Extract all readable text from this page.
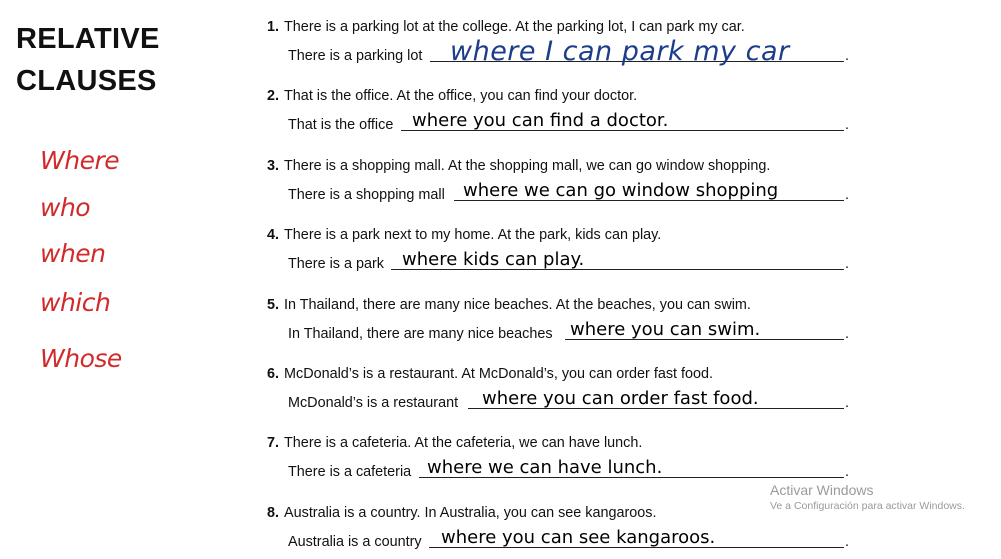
RELATIVE
CLAUSES
Where
who
when
which
Whose
1. There is a parking lot at the college. At the parking lot, I can park my car.
There is a parking lot where I can park my car	.
2. That is the office. At the office, you can find your doctor.
That is the office where you can find a doctor.	.
3. There is a shopping mall. At the shopping mall, we can go window shopping.
There is a shopping mall where we can go window shopping	.
4. There is a park next to my home. At the park, kids can play.
There is a park where kids can play.	.
5. In Thailand, there are many nice beaches. At the beaches, you can swim.
In Thailand, there are many nice beaches where you can swim.	.
6. McDonald’s is a restaurant. At McDonald’s, you can order fast food.
McDonald’s is a restaurant where you can order fast food.	.
7. There is a cafeteria. At the cafeteria, we can have lunch.
There is a cafeteria where we can have lunch.	.
8. Australia is a country. In Australia, you can see kangaroos.
Australia is a country where you can see kangaroos.	.
Activar Windows
Ve a Configuración para activar Windows.
